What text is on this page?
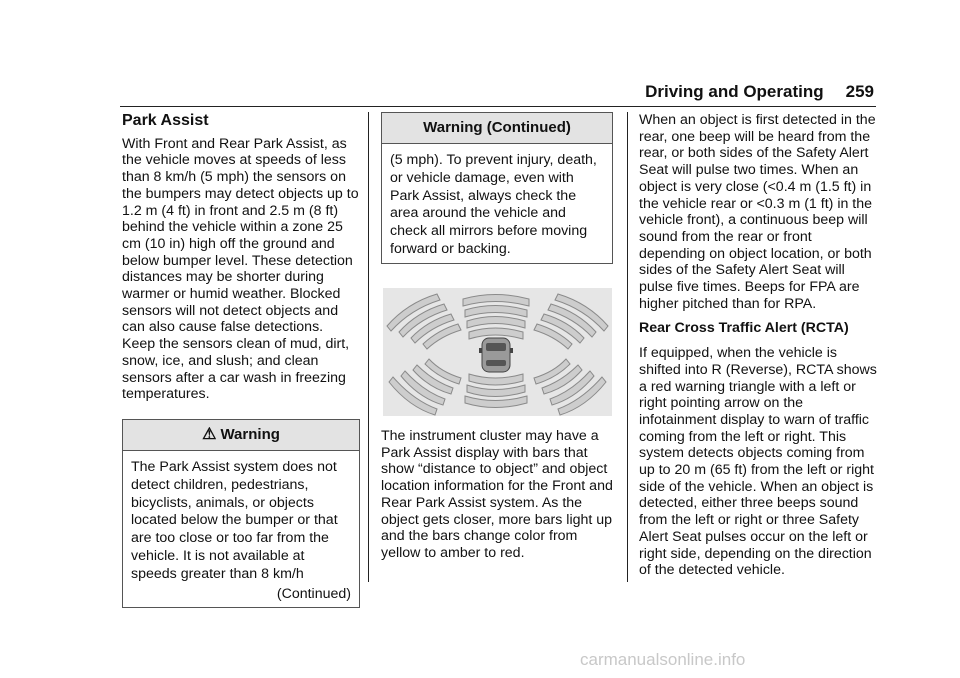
Driving and Operating 259
Park Assist

With Front and Rear Park Assist, as the vehicle moves at speeds of less than 8 km/h (5 mph) the sensors on the bumpers may detect objects up to 1.2 m (4 ft) in front and 2.5 m (8 ft) behind the vehicle within a zone 25 cm (10 in) high off the ground and below bumper level. These detection distances may be shorter during warmer or humid weather. Blocked sensors will not detect objects and can also cause false detections. Keep the sensors clean of mud, dirt, snow, ice, and slush; and clean sensors after a car wash in freezing temperatures.

⚠ Warning

The Park Assist system does not detect children, pedestrians, bicyclists, animals, or objects located below the bumper or that are too close or too far from the vehicle. It is not available at speeds greater than 8 km/h

(Continued)
Warning (Continued)

(5 mph). To prevent injury, death, or vehicle damage, even with Park Assist, always check the area around the vehicle and check all mirrors before moving forward or backing.

The instrument cluster may have a Park Assist display with bars that show “distance to object” and object location information for the Front and Rear Park Assist system. As the object gets closer, more bars light up and the bars change color from yellow to amber to red.

When an object is first detected in the rear, one beep will be heard from the rear, or both sides of the Safety Alert Seat will pulse two times. When an object is very close (<0.4 m (1.5 ft) in the vehicle rear or <0.3 m (1 ft) in the vehicle front), a continuous beep will sound from the rear or front depending on object location, or both sides of the Safety Alert Seat will pulse five times. Beeps for FPA are higher pitched than for RPA.

Rear Cross Traffic Alert (RCTA)

If equipped, when the vehicle is shifted into R (Reverse), RCTA shows a red warning triangle with a left or right pointing arrow on the infotainment display to warn of traffic coming from the left or right. This system detects objects coming from up to 20 m (65 ft) from the left or right side of the vehicle. When an object is detected, either three beeps sound from the left or right or three Safety Alert Seat pulses occur on the left or right side, depending on the direction of the detected vehicle.

carmanualsonline.info
